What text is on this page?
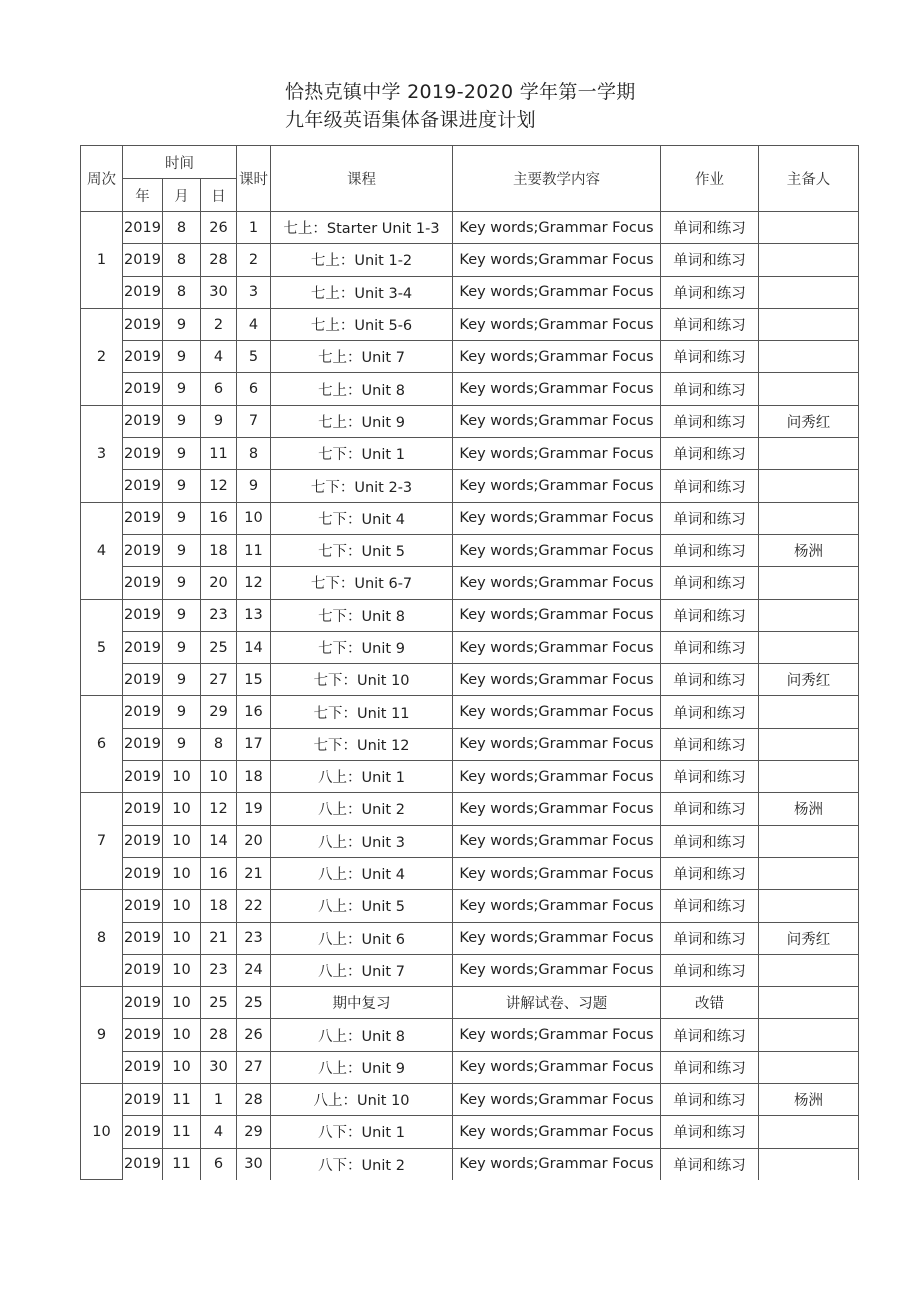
恰热克镇中学 2019-2020 学年第一学期
九年级英语集体备课进度计划
周次	时间			课时	课程	主要教学内容	作业	主备人
	年	月	日					
1	2019	8	26	1	七上：Starter Unit 1-3	Key words;Grammar Focus	单词和练习	
	2019	8	28	2	七上：Unit 1-2	Key words;Grammar Focus	单词和练习	
	2019	8	30	3	七上：Unit 3-4	Key words;Grammar Focus	单词和练习	
2	2019	9	2	4	七上：Unit 5-6	Key words;Grammar Focus	单词和练习	
	2019	9	4	5	七上：Unit 7	Key words;Grammar Focus	单词和练习	
	2019	9	6	6	七上：Unit 8	Key words;Grammar Focus	单词和练习	
3	2019	9	9	7	七上：Unit 9	Key words;Grammar Focus	单词和练习	问秀红
	2019	9	11	8	七下：Unit 1	Key words;Grammar Focus	单词和练习	
	2019	9	12	9	七下：Unit 2-3	Key words;Grammar Focus	单词和练习	
4	2019	9	16	10	七下：Unit 4	Key words;Grammar Focus	单词和练习	
	2019	9	18	11	七下：Unit 5	Key words;Grammar Focus	单词和练习	杨洲
	2019	9	20	12	七下：Unit 6-7	Key words;Grammar Focus	单词和练习	
5	2019	9	23	13	七下：Unit 8	Key words;Grammar Focus	单词和练习	
	2019	9	25	14	七下：Unit 9	Key words;Grammar Focus	单词和练习	
	2019	9	27	15	七下：Unit 10	Key words;Grammar Focus	单词和练习	问秀红
6	2019	9	29	16	七下：Unit 11	Key words;Grammar Focus	单词和练习	
	2019	9	8	17	七下：Unit 12	Key words;Grammar Focus	单词和练习	
	2019	10	10	18	八上：Unit 1	Key words;Grammar Focus	单词和练习	
7	2019	10	12	19	八上：Unit 2	Key words;Grammar Focus	单词和练习	杨洲
	2019	10	14	20	八上：Unit 3	Key words;Grammar Focus	单词和练习	
	2019	10	16	21	八上：Unit 4	Key words;Grammar Focus	单词和练习	
8	2019	10	18	22	八上：Unit 5	Key words;Grammar Focus	单词和练习	
	2019	10	21	23	八上：Unit 6	Key words;Grammar Focus	单词和练习	问秀红
	2019	10	23	24	八上：Unit 7	Key words;Grammar Focus	单词和练习	
9	2019	10	25	25	期中复习	讲解试卷、习题	改错	
	2019	10	28	26	八上：Unit 8	Key words;Grammar Focus	单词和练习	
	2019	10	30	27	八上：Unit 9	Key words;Grammar Focus	单词和练习	
10	2019	11	1	28	八上：Unit 10	Key words;Grammar Focus	单词和练习	杨洲
	2019	11	4	29	八下：Unit 1	Key words;Grammar Focus	单词和练习	
	2019	11	6	30	八下：Unit 2	Key words;Grammar Focus	单词和练习	
